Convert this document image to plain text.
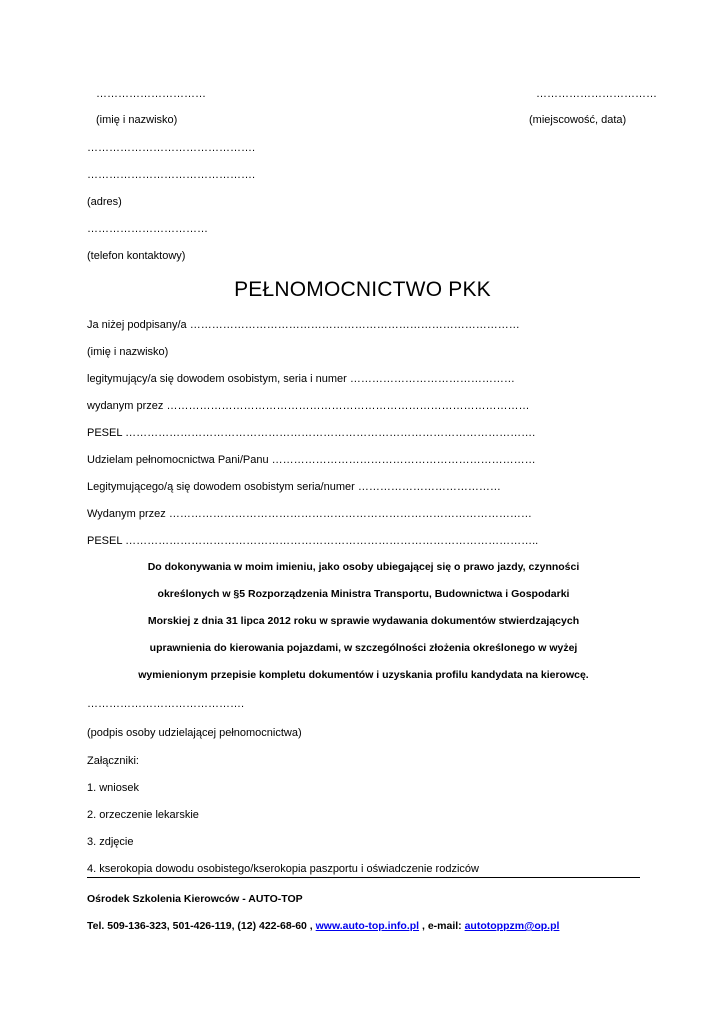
…………………………	……………………………
(imię i nazwisko)	(miejscowość, data)
……………………………………….
……………………………………….
(adres)
……………………………
(telefon kontaktowy)
PEŁNOMOCNICTWO PKK
Ja niżej podpisany/a ………………………………………………………………………………
(imię i nazwisko)
legitymujący/a się dowodem osobistym, seria i numer ………………………………………
wydanym przez ………………………………………………………………………………………
PESEL ………………………………………………………………………………………………….
Udzielam pełnomocnictwa Pani/Panu ………………………………………………………………
Legitymującego/ą się dowodem osobistym seria/numer …………………………………
Wydanym przez ………………………………………………………………………………………
PESEL …………………………………………………………………………………………………..
Do dokonywania w moim imieniu, jako osoby ubiegającej się o prawo jazdy, czynności
określonych w §5 Rozporządzenia Ministra Transportu, Budownictwa i Gospodarki
Morskiej z dnia 31 lipca 2012 roku w sprawie wydawania dokumentów stwierdzających
uprawnienia do kierowania pojazdami, w szczególności złożenia określonego w wyżej
wymienionym przepisie kompletu dokumentów i uzyskania profilu kandydata na kierowcę.
…………………………………….
(podpis osoby udzielającej pełnomocnictwa)
Załączniki:
1. wniosek
2. orzeczenie lekarskie
3. zdjęcie
4. kserokopia dowodu osobistego/kserokopia paszportu i oświadczenie rodziców
Ośrodek Szkolenia Kierowców - AUTO-TOP
Tel. 509-136-323, 501-426-119, (12) 422-68-60 , www.auto-top.info.pl , e-mail: autotoppzm@op.pl
